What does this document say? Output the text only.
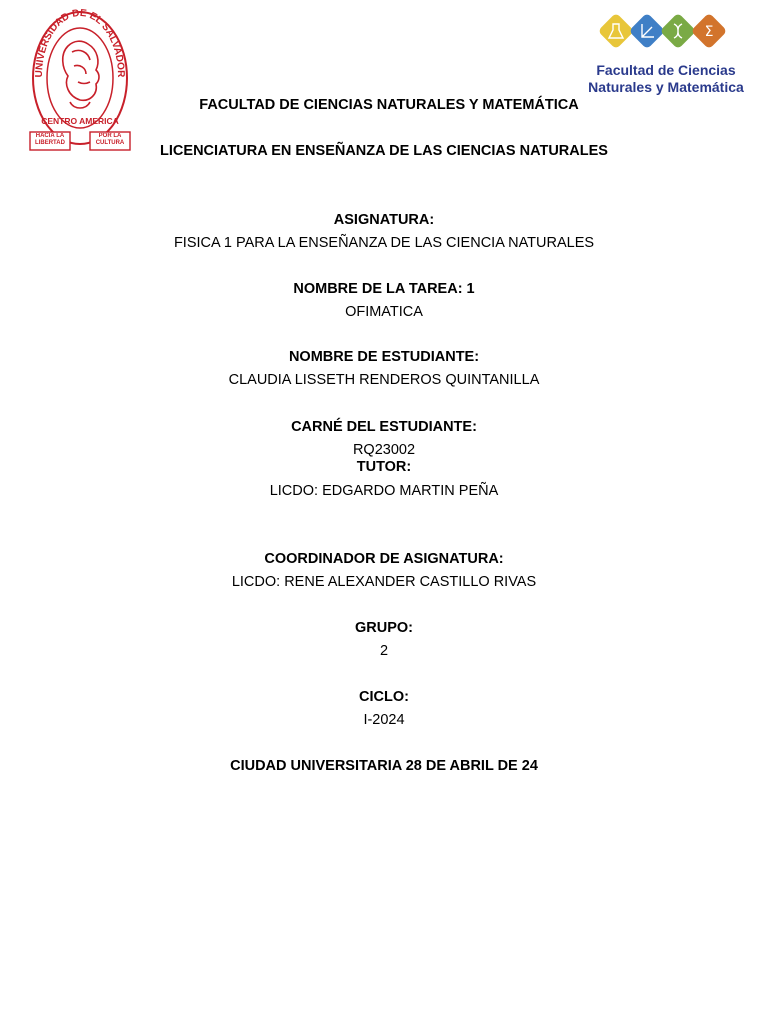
UNIVERSIDAD DE EL SALVADOR
CENTRO AMERICA
HACIA LA LIBERTAD
POR LA CULTURA
Σ
Facultad de Ciencias
Naturales y Matemática

FACULTAD DE CIENCIAS NATURALES Y MATEMÁTICA

LICENCIATURA EN ENSEÑANZA DE LAS CIENCIAS NATURALES

ASIGNATURA:

FISICA 1 PARA LA ENSEÑANZA DE LAS CIENCIA NATURALES

NOMBRE DE LA TAREA: 1

OFIMATICA

NOMBRE DE ESTUDIANTE:

CLAUDIA LISSETH RENDEROS QUINTANILLA

CARNÉ DEL ESTUDIANTE:

RQ23002

TUTOR:

LICDO: EDGARDO MARTIN PEÑA

COORDINADOR DE ASIGNATURA:

LICDO: RENE ALEXANDER CASTILLO RIVAS

GRUPO:

2

CICLO:

I-2024

CIUDAD UNIVERSITARIA 28 DE ABRIL DE 24
